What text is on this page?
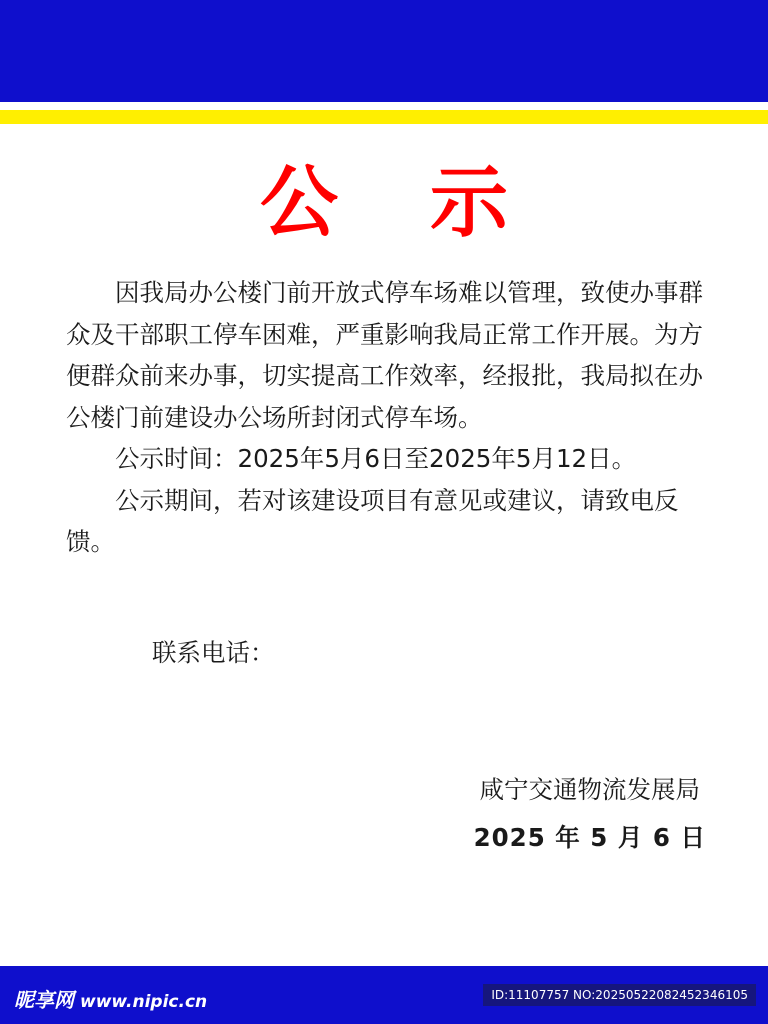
公 示

因我局办公楼门前开放式停车场难以管理，致使办事群众及干部职工停车困难，严重影响我局正常工作开展。为方便群众前来办事，切实提高工作效率，经报批，我局拟在办公楼门前建设办公场所封闭式停车场。

公示时间：2025年5月6日至2025年5月12日。

公示期间，若对该建设项目有意见或建议，请致电反馈。

联系电话：
咸宁交通物流发展局
2025 年 5 月 6 日
昵享网 www.nipic.cn	ID:11107757 NO:20250522082452346105
